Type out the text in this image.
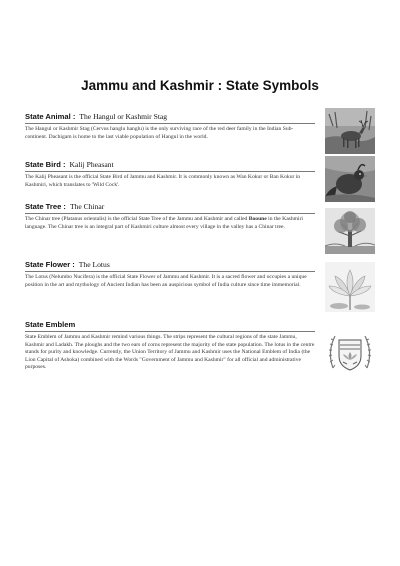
Jammu and Kashmir : State Symbols
State Animal : The Hangul or Kashmir Stag
The Hangul or Kashmir Stag (Cervus hanglu hanglu) is the only surviving race of the red deer family in the Indian Sub-continent. Dachigam is home to the last viable population of Hangul in the world.
State Bird : Kalij Pheasant
The Kalij Pheasant is the official State Bird of Jammu and Kashmir. It is commonly known as Wan Kokur or Ban Kokur in Kashmiri, which translates to 'Wild Cock'.
State Tree : The Chinar
The Chinar tree (Platanus orientalis) is the official State Tree of the Jammu and Kashmir and called Booune in the Kashmiri language. The Chinar tree is an integral part of Kashmiri culture almost every village in the valley has a Chinar tree.
State Flower : The Lotus
The Lotus (Nelumbo Nucifera) is the official State Flower of Jammu and Kashmir. It is a sacred flower and occupies a unique position in the art and mythology of Ancient Indian has been an auspicious symbol of India culture since time immemorial.
State Emblem
State Emblem of Jammu and Kashmir remind various things. The strips represent the cultural regions of the state Jammu, Kashmir and Ladakh. The ploughs and the two ears of corns represent the majority of the state population. The lotus in the centre stands for purity and knowledge. Currently, the Union Territory of Jammu and Kashmir uses the National Emblem of India (the Lion Capital of Ashoka) combined with the Words "Government of Jammu and Kashmir" for all official and administrative purposes.
